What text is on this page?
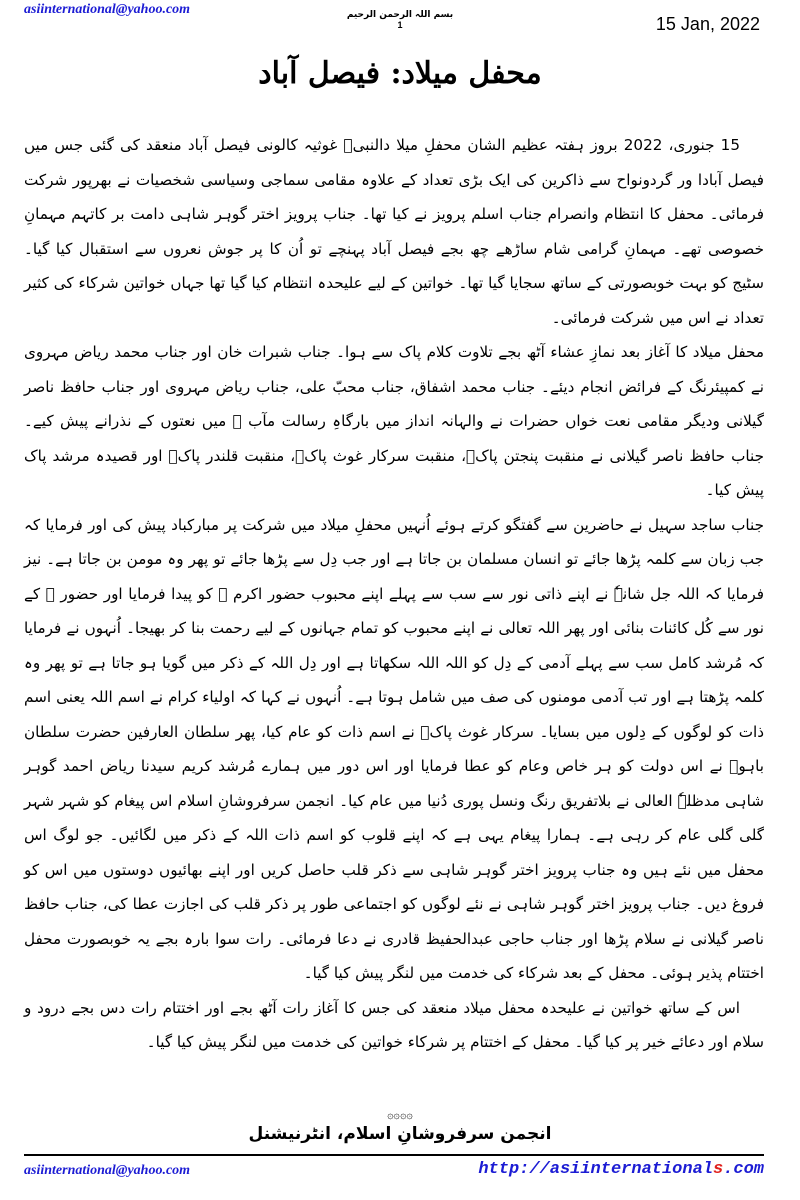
asiinternational@yahoo.com	بسم اللہ الرحمن الرحیم
1	15 Jan, 2022
محفل میلاد: فیصل آباد

15 جنوری، 2022 بروز ہفتہ عظیم الشان محفلِ میلا دالنبیؐ غوثیہ کالونی فیصل آباد منعقد کی گئی جس میں فیصل آبادا ور گردونواح سے ذاکرین کی ایک بڑی تعداد کے علاوہ مقامی سماجی وسیاسی شخصیات نے بھرپور شرکت فرمائی۔ محفل کا انتظام وانصرام جناب اسلم پرویز نے کیا تھا۔ جناب پرویز اختر گوہر شاہی دامت بر کاتہم مہمانِ خصوصی تھے۔ مہمانِ گرامی شام ساڑھے چھ بجے فیصل آباد پہنچے تو اُن کا پر جوش نعروں سے استقبال کیا گیا۔ سٹیج کو بہت خوبصورتی کے ساتھ سجایا گیا تھا۔ خواتین کے لیے علیحدہ انتظام کیا گیا تھا جہاں خواتین شرکاء کی کثیر تعداد نے اس میں شرکت فرمائی۔

محفل میلاد کا آغاز بعد نمازِ عشاء آٹھ بجے تلاوت کلام پاک سے ہوا۔ جناب شبرات خان اور جناب محمد ریاض مہروی نے کمپیئرنگ کے فرائض انجام دیئے۔ جناب محمد اشفاق، جناب محبّ علی، جناب ریاض مہروی اور جناب حافظ ناصر گیلانی ودیگر مقامی نعت خواں حضرات نے والہانہ انداز میں بارگاہِ رسالت مآب ﷺ میں نعتوں کے نذرانے پیش کیے۔ جناب حافظ ناصر گیلانی نے منقبت پنجتن پاکؑ، منقبت سرکار غوث پاکؓ، منقبت قلندر پاکؒ اور قصیدہ مرشد پاک پیش کیا۔

جناب ساجد سہیل نے حاضرین سے گفتگو کرتے ہوئے اُنہیں محفلِ میلاد میں شرکت پر مبارکباد پیش کی اور فرمایا کہ جب زبان سے کلمہ پڑھا جائے تو انسان مسلمان بن جاتا ہے اور جب دِل سے پڑھا جائے تو پھر وہ مومن بن جاتا ہے۔ نیز فرمایا کہ اللہ جل شانہٗ نے اپنے ذاتی نور سے سب سے پہلے اپنے محبوب حضور اکرم ﷺ کو پیدا فرمایا اور حضور ﷺ کے نور سے کُل کائنات بنائی اور پھر اللہ تعالی نے اپنے محبوب کو تمام جہانوں کے لیے رحمت بنا کر بھیجا۔ اُنہوں نے فرمایا کہ مُرشد کامل سب سے پہلے آدمی کے دِل کو اللہ اللہ سکھاتا ہے اور دِل اللہ کے ذکر میں گویا ہو جاتا ہے تو پھر وہ کلمہ پڑھتا ہے اور تب آدمی مومنوں کی صف میں شامل ہوتا ہے۔ اُنہوں نے کہا کہ اولیاء کرام نے اسم اللہ یعنی اسم ذات کو لوگوں کے دِلوں میں بسایا۔ سرکار غوث پاکؓ نے اسم ذات کو عام کیا، پھر سلطان العارفین حضرت سلطان باہوؒ نے اس دولت کو ہر خاص وعام کو عطا فرمایا اور اس دور میں ہمارے مُرشد کریم سیدنا ریاض احمد گوہر شاہی مدظلہٗ العالی نے بلاتفریق رنگ ونسل پوری دُنیا میں عام کیا۔ انجمن سرفروشانِ اسلام اس پیغام کو شہر شہر گلی گلی عام کر رہی ہے۔ ہمارا پیغام یہی ہے کہ اپنے قلوب کو اسم ذات اللہ کے ذکر میں لگائیں۔ جو لوگ اس محفل میں نئے ہیں وہ جناب پرویز اختر گوہر شاہی سے ذکر قلب حاصل کریں اور اپنے بھائیوں دوستوں میں اس کو فروغ دیں۔ جناب پرویز اختر گوہر شاہی نے نئے لوگوں کو اجتماعی طور پر ذکر قلب کی اجازت عطا کی، جناب حافظ ناصر گیلانی نے سلام پڑھا اور جناب حاجی عبدالحفیظ قادری نے دعا فرمائی۔ رات سوا بارہ بجے یہ خوبصورت محفل اختتام پذیر ہوئی۔ محفل کے بعد شرکاء کی خدمت میں لنگر پیش کیا گیا۔

اس کے ساتھ خواتین نے علیحدہ محفل میلاد منعقد کی جس کا آغاز رات آٹھ بجے اور اختتام رات دس بجے درود و سلام اور دعائے خیر پر کیا گیا۔ محفل کے اختتام پر شرکاء خواتین کی خدمت میں لنگر پیش کیا گیا۔

۞۞۞۞
انجمن سرفروشانِ اسلام، انٹرنیشنل
asiinternational@yahoo.com	http://asiinternationals.com
